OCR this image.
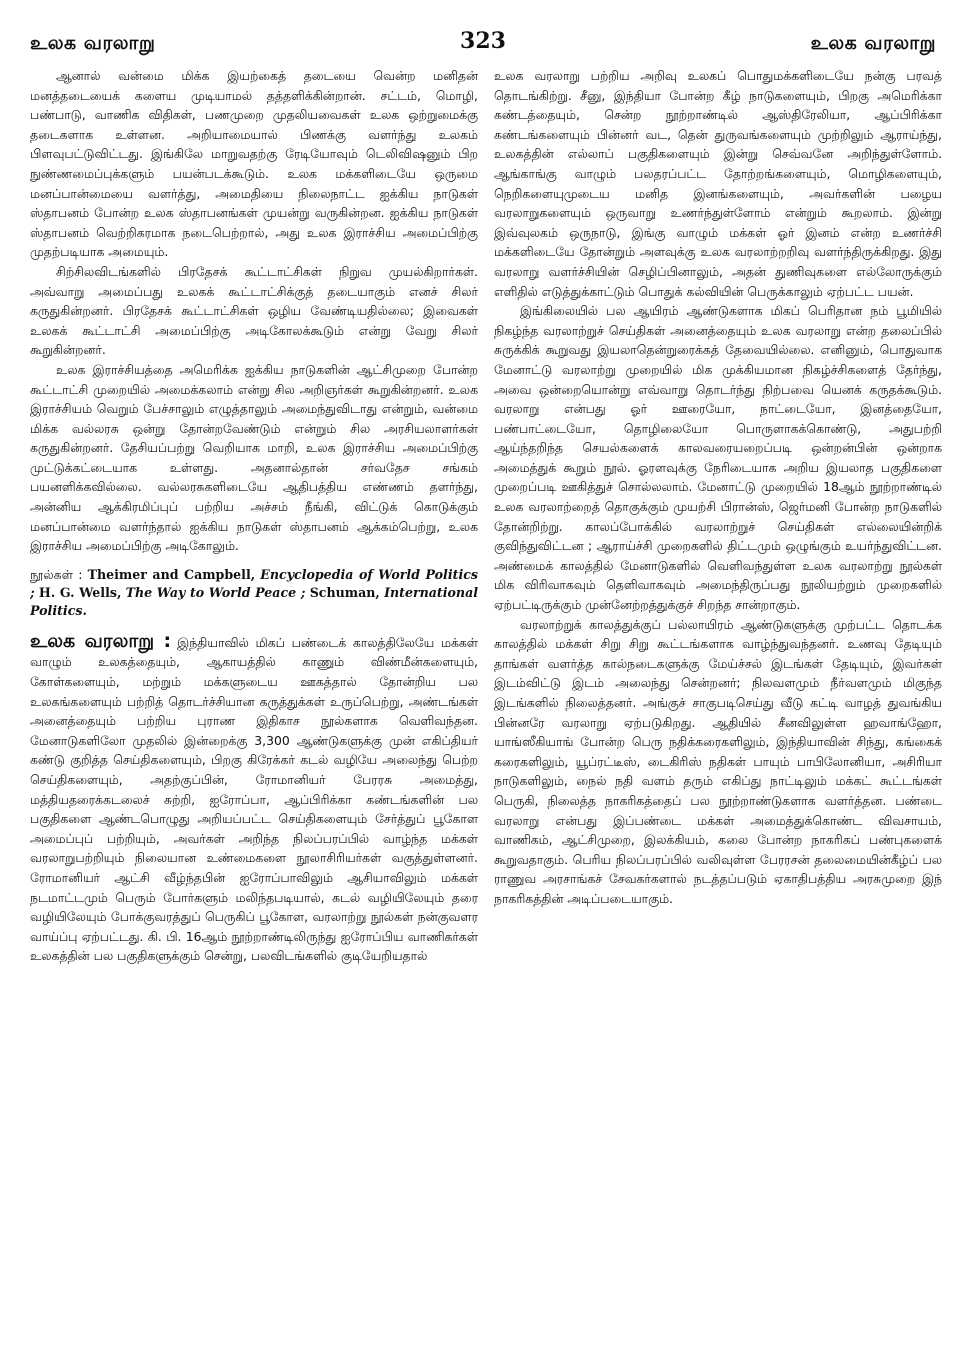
உலக வரலாறு	323	உலக வரலாறு

ஆனால் வன்மை மிக்க இயற்கைத் தடையை வென்ற மனிதன் மனத்தடையைக் களைய முடியாமல் தத்தளிக்கின்றான். சட்டம், மொழி, பண்பாடு, வாணிக விதிகள், பணமுறை முதலியவைகள் உலக ஒற்றுமைக்கு தடைகளாக உள்ளன. அறியாமையால் பிணக்கு வளர்ந்து உலகம் பிளவுபட்டுவிட்டது. இங்கிலே மாறுவதற்கு ரேடியோவும் டெலிவிஷனும் பிற நுண்ணமைப்புக்களும் பயன்படக்கூடும். உலக மக்களிடையே ஒருமை மனப்பான்மையை வளர்த்து, அமைதியை நிலைநாட்ட ஐக்கிய நாடுகள் ஸ்தாபனம் போன்ற உலக ஸ்தாபனங்கள் முயன்று வருகின்றன. ஐக்கிய நாடுகள் ஸ்தாபனம் வெற்றிகரமாக நடைபெற்றால், அது உலக இராச்சிய அமைப்பிற்கு முதற்படியாக அமையும்.

சிற்சிலவிடங்களில் பிரதேசக் கூட்டாட்சிகள் நிறுவ முயல்கிறார்கள். அவ்வாறு அமைப்பது உலகக் கூட்டாட்சிக்குத் தடையாகும் எனச் சிலர் கருதுகின்றனர். பிரதேசக் கூட்டாட்சிகள் ஒழிய வேண்டியதில்லை; இவைகள் உலகக் கூட்டாட்சி அமைப்பிற்கு அடிகோலக்கூடும் என்று வேறு சிலர் கூறுகின்றனர்.

உலக இராச்சியத்தை அமெரிக்க ஐக்கிய நாடுகளின் ஆட்சிமுறை போன்ற கூட்டாட்சி முறையில் அமைக்கலாம் என்று சில அறிஞர்கள் கூறுகின்றனர். உலக இராச்சியம் வெறும் பேச்சாலும் எழுத்தாலும் அமைந்துவிடாது என்றும், வன்மை மிக்க வல்லரசு ஒன்று தோன்றவேண்டும் என்றும் சில அரசியலாளர்கள் கருதுகின்றனர். தேசியப்பற்று வெறியாக மாறி, உலக இராச்சிய அமைப்பிற்கு முட்டுக்கட்டையாக உள்ளது. அதனால்தான் சர்வதேச சங்கம் பயனளிக்கவில்லை. வல்லரசுகளிடையே ஆதிபத்திய எண்ணம் தளர்ந்து, அன்னிய ஆக்கிரமிப்புப் பற்றிய அச்சம் நீங்கி, விட்டுக் கொடுக்கும் மனப்பான்மை வளர்ந்தால் ஐக்கிய நாடுகள் ஸ்தாபனம் ஆக்கம்பெற்று, உலக இராச்சிய அமைப்பிற்கு அடிகோலும்.

நூல்கள் : Theimer and Campbell, Encyclopedia of World Politics ; H. G. Wells, The Way to World Peace ; Schuman, International Politics.

உலக வரலாறு : இந்தியாவில் மிகப் பண்டைக் காலத்திலேயே மக்கள் வாழும் உலகத்தையும், ஆகாயத்தில் காணும் விண்மீன்களையும், கோள்களையும், மற்றும் மக்களுடைய ஊகத்தால் தோன்றிய பல உலகங்களையும் பற்றித் தொடர்ச்சியான கருத்துக்கள் உருப்பெற்று, அண்டங்கள் அனைத்தையும் பற்றிய புராண இதிகாச நூல்களாக வெளிவந்தன. மேனாடுகளிலோ முதலில் இன்றைக்கு 3,300 ஆண்டுகளுக்கு முன் எகிப்தியர் கண்டு குறித்த செய்திகளையும், பிறகு கிரேக்கர் கடல் வழியே அலைந்து பெற்ற செய்திகளையும், அதற்குப்பின், ரோமானியர் பேரரசு அமைத்து, மத்தியதரைக்கடலைச் சுற்றி, ஐரோப்பா, ஆப்பிரிக்கா கண்டங்களின் பல பகுதிகளை ஆண்டபொழுது அறியப்பட்ட செய்திகளையும் சேர்த்துப் பூகோள அமைப்புப் பற்றியும், அவர்கள் அறிந்த நிலப்பரப்பில் வாழ்ந்த மக்கள் வரலாறுபற்றியும் நிலையான உண்மைகளை நூலாசிரியர்கள் வகுத்துள்ளனர். ரோமானியர் ஆட்சி வீழ்ந்தபின் ஐரோப்பாவிலும் ஆசியாவிலும் மக்கள் நடமாட்டமும் பெரும் போர்களும் மலிந்தபடியால், கடல் வழியிலேயும் தரை வழியிலேயும் போக்குவரத்துப் பெருகிப் பூகோள, வரலாற்று நூல்கள் நன்குவளர வாய்ப்பு ஏற்பட்டது. கி. பி. 16ஆம் நூற்றாண்டிலிருந்து ஐரோப்பிய வாணிகர்கள் உலகத்தின் பல பகுதிகளுக்கும் சென்று, பலவிடங்களில் குடியேறியதால்

உலக வரலாறு பற்றிய அறிவு உலகப் பொதுமக்களிடையே நன்கு பரவத் தொடங்கிற்று. சீனு, இந்தியா போன்ற கீழ் நாடுகளையும், பிறகு அமெரிக்கா கண்டத்தையும், சென்ற நூற்றாண்டில் ஆஸ்திரேலியா, ஆப்பிரிக்கா கண்டங்களையும் பின்னர் வட, தென் துருவங்களையும் முற்றிலும் ஆராய்ந்து, உலகத்தின் எல்லாப் பகுதிகளையும் இன்று செவ்வனே அறிந்துள்ளோம். ஆங்காங்கு வாழும் பலதரப்பட்ட தோற்றங்களையும், மொழிகளையும், நெறிகளையுமுடைய மனித இனங்களையும், அவர்களின் பழைய வரலாறுகளையும் ஒருவாறு உணர்ந்துள்ளோம் என்றும் கூறலாம். இன்று இவ்வுலகம் ஒருநாடு, இங்கு வாழும் மக்கள் ஓர் இனம் என்ற உணர்ச்சி மக்களிடையே தோன்றும் அளவுக்கு உலக வரலாற்றறிவு வளர்ந்திருக்கிறது. இது வரலாறு வளர்ச்சியின் செழிப்பினாலும், அதன் துணிவுகளை எல்லோருக்கும் எளிதில் எடுத்துக்காட்டும் பொதுக் கல்வியின் பெருக்காலும் ஏற்பட்ட பயன்.

இங்கிலையில் பல ஆயிரம் ஆண்டுகளாக மிகப் பெரிதான நம் பூமியில் நிகழ்ந்த வரலாற்றுச் செய்திகள் அனைத்தையும் உலக வரலாறு என்ற தலைப்பில் சுருக்கிக் கூறுவது இயலாதென்றுரைக்கத் தேவையில்லை. எனினும், பொதுவாக மேனாட்டு வரலாற்று முறையில் மிக முக்கியமான நிகழ்ச்சிகளைத் தேர்ந்து, அவை ஒன்றையொன்று எவ்வாறு தொடர்ந்து நிற்பவை யெனக் கருதக்கூடும். வரலாறு என்பது ஓர் ஊரையோ, நாட்டையோ, இனத்தையோ, பண்பாட்டையோ, தொழிலையோ பொருளாகக்கொண்டு, அதுபற்றி ஆய்ந்தறிந்த செயல்களைக் காலவரையறைப்படி ஒன்றன்பின் ஒன்றாக அமைத்துக் கூறும் நூல். ஓரளவுக்கு நேரிடையாக அறிய இயலாத பகுதிகளை முறைப்படி ஊகித்துச் சொல்லலாம். மேனாட்டு முறையில் 18ஆம் நூற்றாண்டில் உலக வரலாற்றைத் தொகுக்கும் முயற்சி பிரான்ஸ், ஜெர்மனி போன்ற நாடுகளில் தோன்றிற்று. காலப்போக்கில் வரலாற்றுச் செய்திகள் எல்லையின்றிக் குவிந்துவிட்டன ; ஆராய்ச்சி முறைகளில் திட்டமும் ஒழுங்கும் உயர்ந்துவிட்டன. அண்மைக் காலத்தில் மேனாடுகளில் வெளிவந்துள்ள உலக வரலாற்று நூல்கள் மிக விரிவாகவும் தெளிவாகவும் அமைந்திருப்பது நூலியற்றும் முறைகளில் ஏற்பட்டிருக்கும் முன்னேற்றத்துக்குச் சிறந்த சான்றாகும்.

வரலாற்றுக் காலத்துக்குப் பல்லாயிரம் ஆண்டுகளுக்கு முற்பட்ட தொடக்க காலத்தில் மக்கள் சிறு சிறு கூட்டங்களாக வாழ்ந்துவந்தனர். உணவு தேடியும் தாங்கள் வளர்த்த கால்நடைகளுக்கு மேய்ச்சல் இடங்கள் தேடியும், இவர்கள் இடம்விட்டு இடம் அலைந்து சென்றனர்; நிலவளமும் நீர்வளமும் மிகுந்த இடங்களில் நிலைத்தனர். அங்குச் சாகுபடிசெய்து வீடு கட்டி வாழத் துவங்கிய பின்னரே வரலாறு ஏற்படுகிறது. ஆதியில் சீனவிலுள்ள ஹவாங்ஹோ, யாங்ஸீகியாங் போன்ற பெரு நதிக்கரைகளிலும், இந்தியாவின் சிந்து, கங்கைக் கரைகளிலும், யூப்ரட்டீஸ், டைகிரிஸ் நதிகள் பாயும் பாபிலோனியா, அசிரியா நாடுகளிலும், நைல் நதி வளம் தரும் எகிப்து நாட்டிலும் மக்கட் கூட்டங்கள் பெருகி, நிலைத்த நாகரிகத்தைப் பல நூற்றாண்டுகளாக வளர்த்தன. பண்டை வரலாறு என்பது இப்பண்டை மக்கள் அமைத்துக்கொண்ட விவசாயம், வாணிகம், ஆட்சிமுறை, இலக்கியம், கலை போன்ற நாகரிகப் பண்புகளைக் கூறுவதாகும். பெரிய நிலப்பரப்பில் வலிவுள்ள பேரரசன் தலைமையின்கீழ்ப் பல ராணுவ அரசாங்கச் சேவகர்களால் நடத்தப்படும் ஏகாதிபத்திய அரசுமுறை இந் நாகரிகத்தின் அடிப்படையாகும்.
